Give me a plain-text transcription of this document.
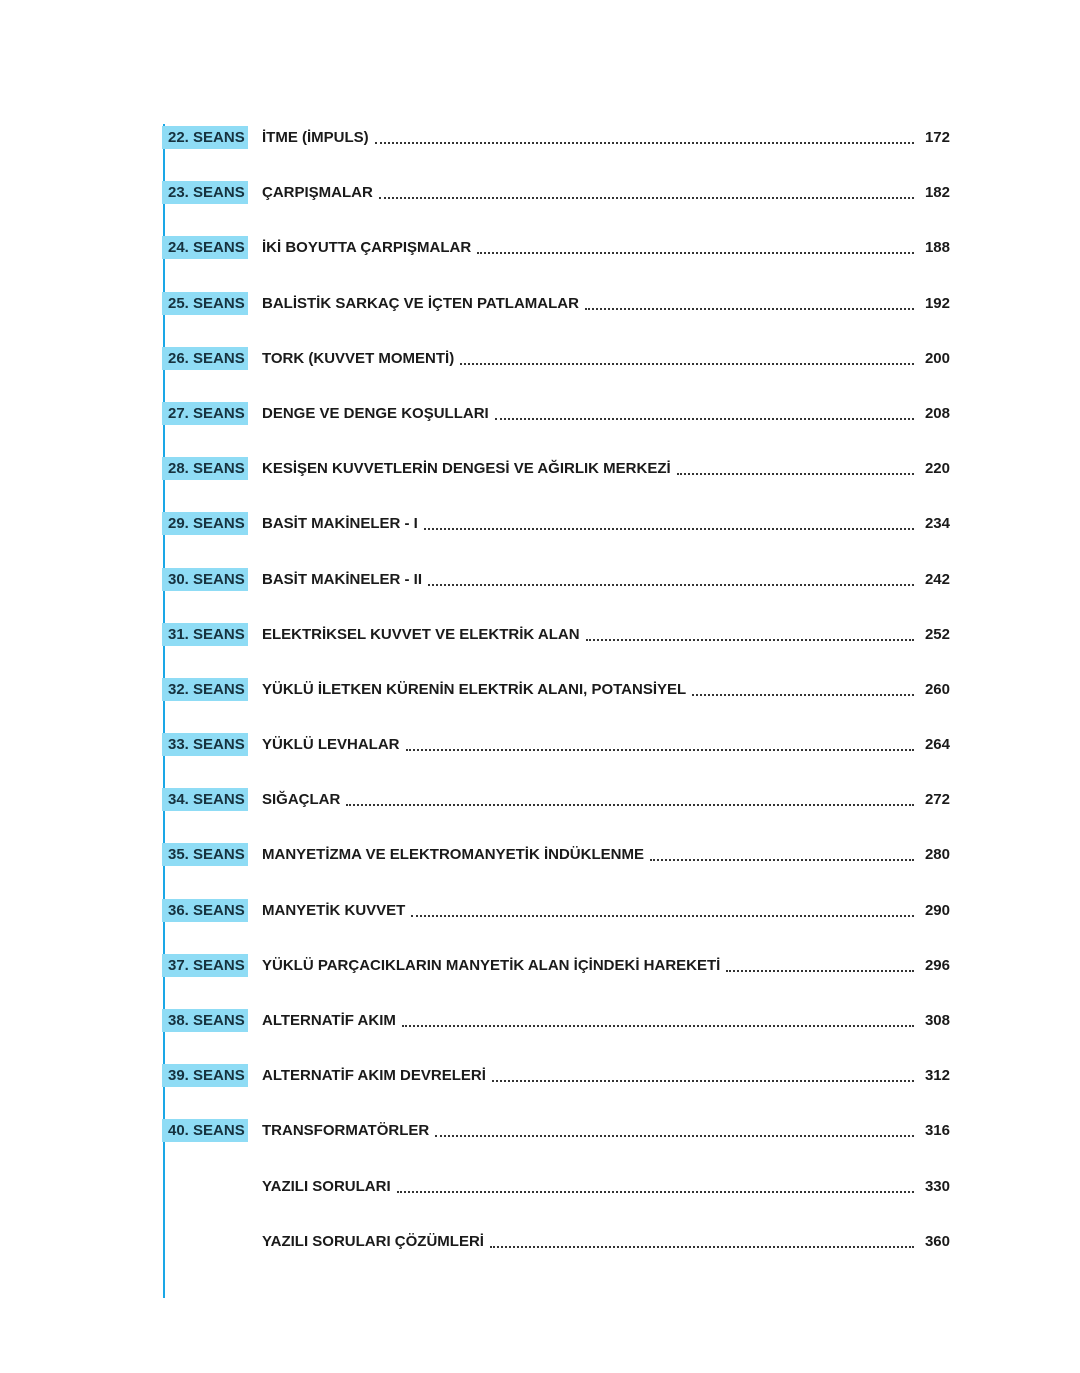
22. SEANS İTME (İMPULS)	172
23. SEANS ÇARPIŞMALAR	182
24. SEANS İKİ BOYUTTA ÇARPIŞMALAR	188
25. SEANS BALİSTİK SARKAÇ VE İÇTEN PATLAMALAR	192
26. SEANS TORK (KUVVET MOMENTİ)	200
27. SEANS DENGE VE DENGE KOŞULLARI	208
28. SEANS KESİŞEN KUVVETLERİN DENGESİ VE AĞIRLIK MERKEZİ	220
29. SEANS BASİT MAKİNELER - I	234
30. SEANS BASİT MAKİNELER - II	242
31. SEANS ELEKTRİKSEL KUVVET VE ELEKTRİK ALAN	252
32. SEANS YÜKLÜ İLETKEN KÜRENİN ELEKTRİK ALANI, POTANSİYEL	260
33. SEANS YÜKLÜ LEVHALAR	264
34. SEANS SIĞAÇLAR	272
35. SEANS MANYETİZMA VE ELEKTROMANYETİK İNDÜKLENME	280
36. SEANS MANYETİK KUVVET	290
37. SEANS YÜKLÜ PARÇACIKLARIN MANYETİK ALAN İÇİNDEKİ HAREKETİ	296
38. SEANS ALTERNATİF AKIM	308
39. SEANS ALTERNATİF AKIM DEVRELERİ	312
40. SEANS TRANSFORMATÖRLER	316
YAZILI SORULARI	330
YAZILI SORULARI ÇÖZÜMLERİ	360
